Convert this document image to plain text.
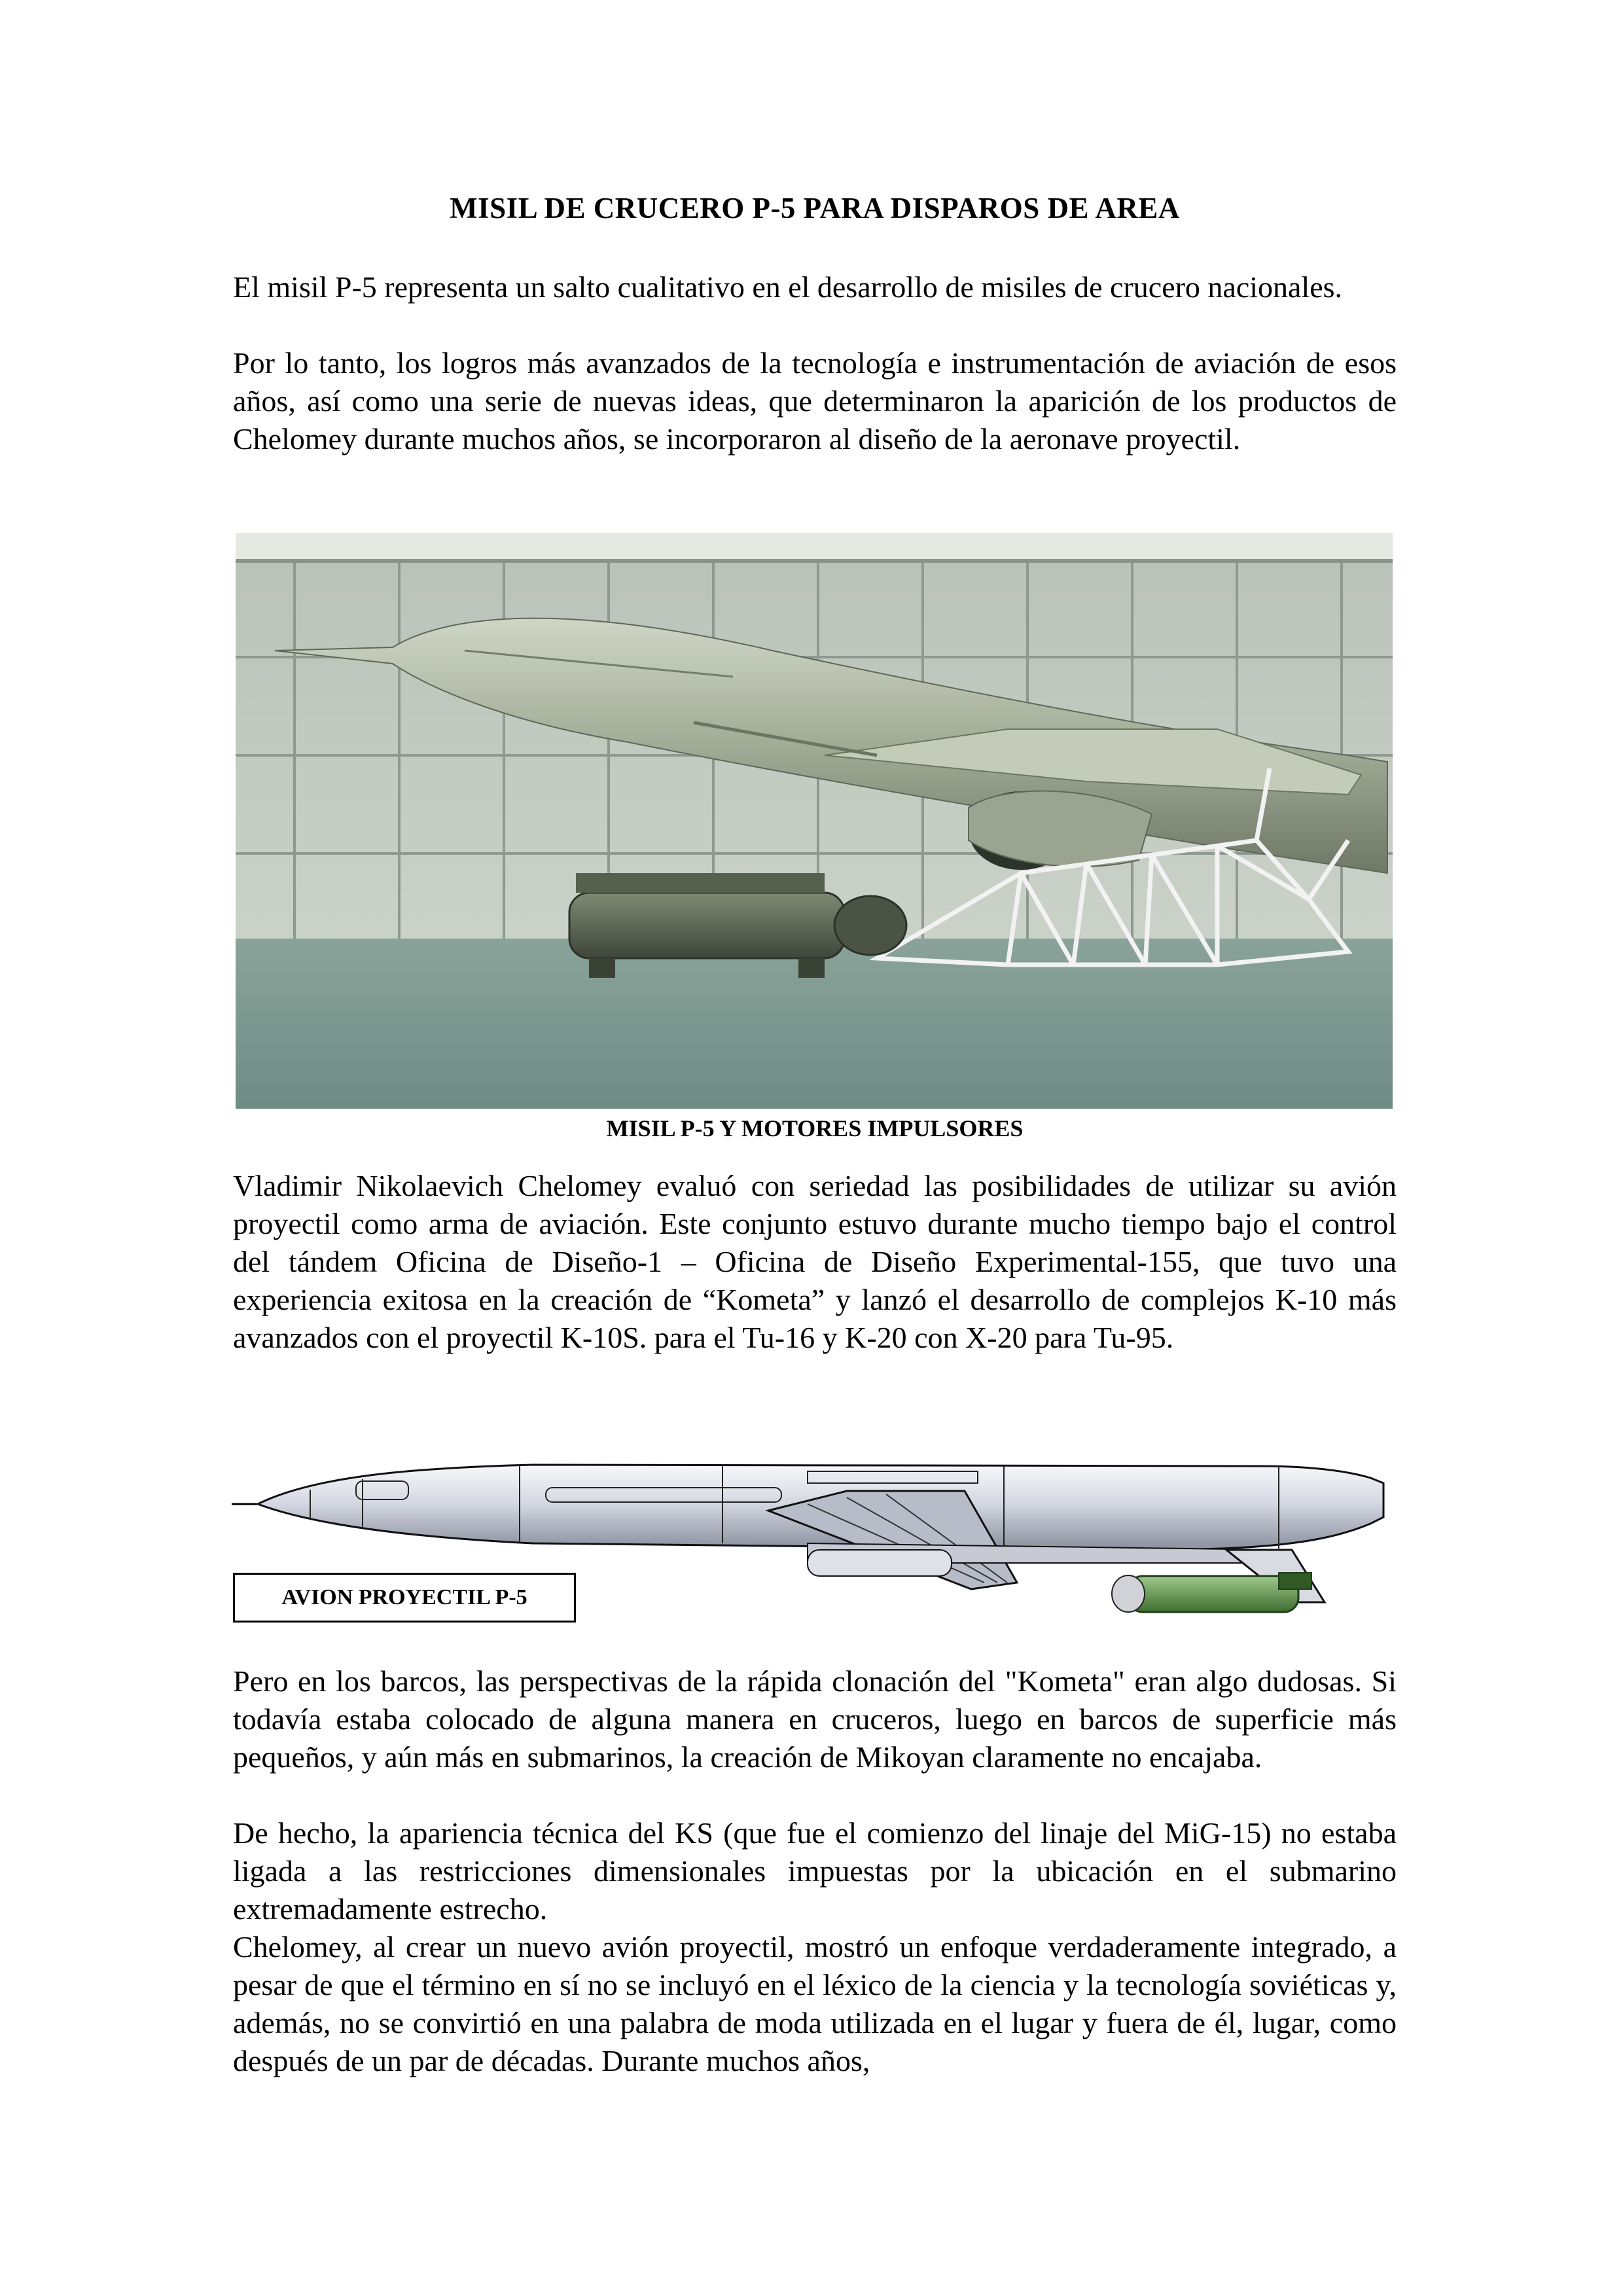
MISIL DE CRUCERO P-5 PARA DISPAROS DE AREA

El misil P-5 representa un salto cualitativo en el desarrollo de misiles de crucero nacionales.

Por lo tanto, los logros más avanzados de la tecnología e instrumentación de aviación de esos años, así como una serie de nuevas ideas, que determinaron la aparición de los productos de Chelomey durante muchos años, se incorporaron al diseño de la aeronave proyectil.

MISIL P-5 Y MOTORES IMPULSORES

Vladimir Nikolaevich Chelomey evaluó con seriedad las posibilidades de utilizar su avión proyectil como arma de aviación. Este conjunto estuvo durante mucho tiempo bajo el control del tándem Oficina de Diseño-1 – Oficina de Diseño Experimental-155, que tuvo una experiencia exitosa en la creación de “Kometa” y lanzó el desarrollo de complejos K-10 más avanzados con el proyectil K-10S. para el Tu-16 y K-20 con X-20 para Tu-95.

AVION PROYECTIL P-5

Pero en los barcos, las perspectivas de la rápida clonación del "Kometa" eran algo dudosas. Si todavía estaba colocado de alguna manera en cruceros, luego en barcos de superficie más pequeños, y aún más en submarinos, la creación de Mikoyan claramente no encajaba.

De hecho, la apariencia técnica del KS (que fue el comienzo del linaje del MiG-15) no estaba ligada a las restricciones dimensionales impuestas por la ubicación en el submarino extremadamente estrecho.

Chelomey, al crear un nuevo avión proyectil, mostró un enfoque verdaderamente integrado, a pesar de que el término en sí no se incluyó en el léxico de la ciencia y la tecnología soviéticas y, además, no se convirtió en una palabra de moda utilizada en el lugar y fuera de él, lugar, como después de un par de décadas. Durante muchos años,
